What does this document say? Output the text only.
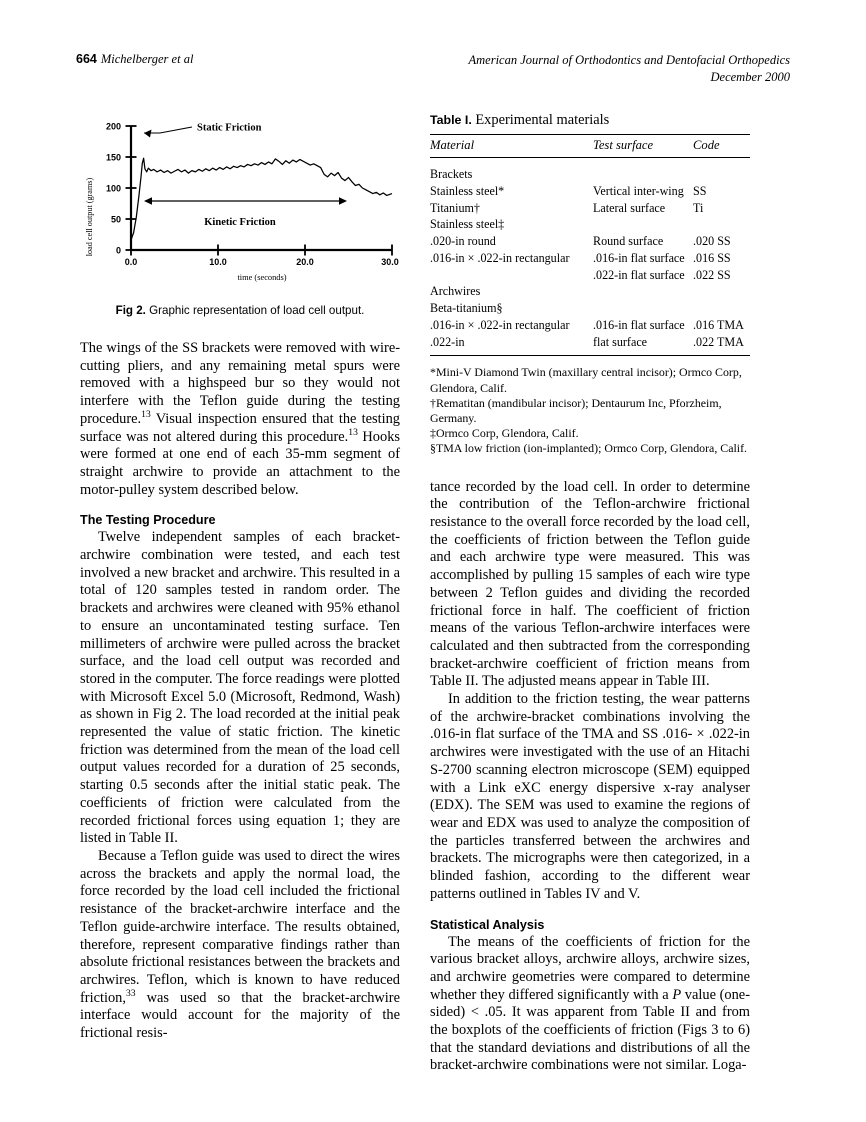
664 Michelberger et al	American Journal of Orthodontics and Dentofacial Orthopedics
December 2000
load cell output (grams)
200
150
100
50
0
0.0	10.0	20.0	30.0
time (seconds)
Static Friction
Kinetic Friction
Fig 2. Graphic representation of load cell output.

The wings of the SS brackets were removed with wire-cutting pliers, and any remaining metal spurs were removed with a highspeed bur so they would not interfere with the Teflon guide during the testing procedure.$^{13}$ Visual inspection ensured that the testing surface was not altered during this procedure.$^{13}$ Hooks were formed at one end of each 35-mm segment of straight archwire to provide an attachment to the motor-pulley system described below.

The Testing Procedure

Twelve independent samples of each bracket-archwire combination were tested, and each test involved a new bracket and archwire. This resulted in a total of 120 samples tested in random order. The brackets and archwires were cleaned with 95% ethanol to ensure an uncontaminated testing surface. Ten millimeters of archwire were pulled across the bracket surface, and the load cell output was recorded and stored in the computer. The force readings were plotted with Microsoft Excel 5.0 (Microsoft, Redmond, Wash) as shown in Fig 2. The load recorded at the initial peak represented the value of static friction. The kinetic friction was determined from the mean of the load cell output values recorded for a duration of 25 seconds, starting 0.5 seconds after the initial static peak. The coefficients of friction were calculated from the recorded frictional forces using equation 1; they are listed in Table II.

Because a Teflon guide was used to direct the wires across the brackets and apply the normal load, the force recorded by the load cell included the frictional resistance of the bracket-archwire interface and the Teflon guide-archwire interface. The results obtained, therefore, represent comparative findings rather than absolute frictional resistances between the brackets and archwires. Teflon, which is known to have reduced friction,$^{33}$ was used so that the bracket-archwire interface would account for the majority of the frictional resis-

Table I. Experimental materials
Material	Test surface	Code
Brackets		
Stainless steel*	Vertical inter-wing	SS
Titanium†	Lateral surface	Ti
Stainless steel‡		
.020-in round	Round surface	.020 SS
.016-in × .022-in rectangular	.016-in flat surface	.016 SS
	.022-in flat surface	.022 SS
Archwires		
Beta-titanium§		
.016-in × .022-in rectangular	.016-in flat surface	.016 TMA
.022-in	flat surface	.022 TMA
*Mini-V Diamond Twin (maxillary central incisor); Ormco Corp, Glendora, Calif.
†Rematitan (mandibular incisor); Dentaurum Inc, Pforzheim, Germany.
‡Ormco Corp, Glendora, Calif.
§TMA low friction (ion-implanted); Ormco Corp, Glendora, Calif.

tance recorded by the load cell. In order to determine the contribution of the Teflon-archwire frictional resistance to the overall force recorded by the load cell, the coefficients of friction between the Teflon guide and each archwire type were measured. This was accomplished by pulling 15 samples of each wire type between 2 Teflon guides and dividing the recorded frictional force in half. The coefficient of friction means of the various Teflon-archwire interfaces were calculated and then subtracted from the corresponding bracket-archwire coefficient of friction means from Table II. The adjusted means appear in Table III.

In addition to the friction testing, the wear patterns of the archwire-bracket combinations involving the .016-in flat surface of the TMA and SS .016- × .022-in archwires were investigated with the use of an Hitachi S-2700 scanning electron microscope (SEM) equipped with a Link eXC energy dispersive x-ray analyser (EDX). The SEM was used to examine the regions of wear and EDX was used to analyze the composition of the particles transferred between the archwires and brackets. The micrographs were then categorized, in a blinded fashion, according to the different wear patterns outlined in Tables IV and V.

Statistical Analysis

The means of the coefficients of friction for the various bracket alloys, archwire alloys, archwire sizes, and archwire geometries were compared to determine whether they differed significantly with a P value (one-sided) < .05. It was apparent from Table II and from the boxplots of the coefficients of friction (Figs 3 to 6) that the standard deviations and distributions of all the bracket-archwire combinations were not similar. Loga-
